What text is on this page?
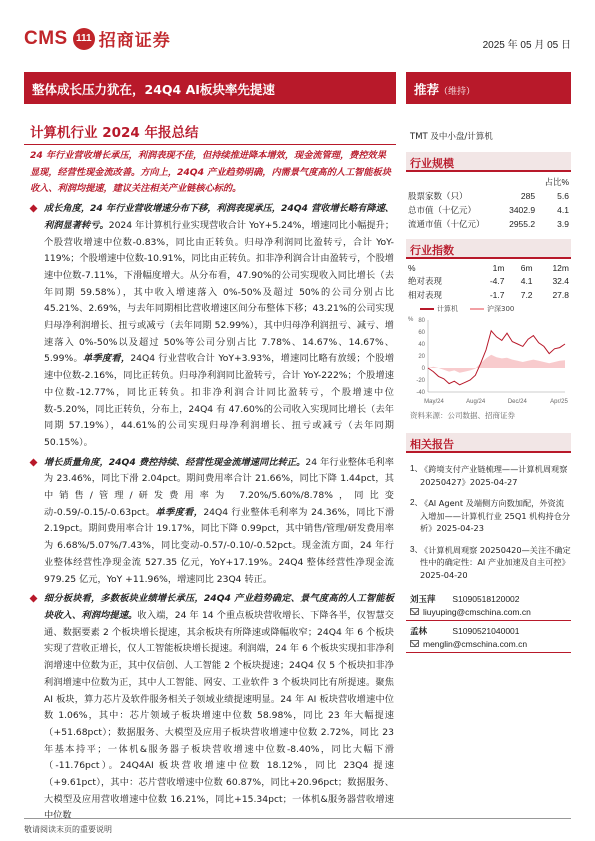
CMS 111 招商证券	2025 年 05 月 05 日
整体成长压力犹在，24Q4 AI板块率先提速	推荐（维持）
计算机行业 2024 年报总结
24 年行业营收增长承压，利润表现不佳，但持续推进降本增效，现金流管理，费控效果显现，经营性现金流改善。方向上，24Q4 产业趋势明确，内需景气度高的人工智能板块收入、利润均提速，建议关注相关产业链核心标的。
成长角度，24 年行业营收增速分布下移，利润表现承压，24Q4 营收增长略有降速、利润显著转亏。2024 年计算机行业实现营收合计 YoY+5.24%，增速同比小幅提升；个股营收增速中位数-0.83%，同比由正转负。归母净利润同比盈转亏，合计 YoY-119%；个股增速中位数-10.91%，同比由正转负。扣非净利润合计由盈转亏，个股增速中位数-7.11%，下滑幅度增大。从分布看，47.90%的公司实现收入同比增长（去年同期 59.58%），其中收入增速落入 0%-50%及超过 50%的公司分别占比 45.21%、2.69%，与去年同期相比营收增速区间分布整体下移；43.21%的公司实现归母净利润增长、扭亏或减亏（去年同期 52.99%），其中归母净利润扭亏、减亏、增速落入 0%-50%以及超过 50%等公司分别占比 7.78%、14.67%、14.67%、5.99%。单季度看，24Q4 行业营收合计 YoY+3.93%，增速同比略有放缓；个股增速中位数-2.16%，同比正转负。归母净利润同比盈转亏，合计 YoY-222%；个股增速中位数-12.77%，同比正转负。扣非净利润合计同比盈转亏，个股增速中位数-5.20%，同比正转负，分布上，24Q4 有 47.60%的公司收入实现同比增长（去年同期 57.19%），44.61%的公司实现归母净利润增长、扭亏或减亏（去年同期 50.15%）。
增长质量角度，24Q4 费控持续、经营性现金流增速同比转正。24 年行业整体毛利率为 23.46%，同比下滑 2.04pct。期间费用率合计 21.66%，同比下降 1.44pct，其中销售/管理/研发费用率为 7.20%/5.60%/8.78%，同比变动-0.59/-0.15/-0.63pct。单季度看，24Q4 行业整体毛利率为 24.36%，同比下滑 2.19pct。期间费用率合计 19.17%，同比下降 0.99pct，其中销售/管理/研发费用率为 6.68%/5.07%/7.43%，同比变动-0.57/-0.10/-0.52pct。现金流方面，24 年行业整体经营性净现金流 527.35 亿元，YoY+17.19%。24Q4 整体经营性净现金流 979.25 亿元，YoY +11.96%，增速同比 23Q4 转正。
细分板块看，多数板块业绩增长承压，24Q4 产业趋势确定、景气度高的人工智能板块收入、利润均提速。收入端，24 年 14 个重点板块营收增长、下降各半，仅智慧交通、数据要素 2 个板块增长提速，其余板块有所降速或降幅收窄；24Q4 年 6 个板块实现了营收正增长，仅人工智能板块增长提速。利润端，24 年 6 个板块实现扣非净利润增速中位数为正，其中仅信创、人工智能 2 个板块提速；24Q4 仅 5 个板块扣非净利润增速中位数为正，其中人工智能、网安、工业软件 3 个板块同比有所提速。聚焦 AI 板块，算力芯片及软件服务相关子领域业绩提速明显。24 年 AI 板块营收增速中位数 1.06%，其中：芯片领域子板块增速中位数 58.98%，同比 23 年大幅提速（+51.68pct）；数据服务、大模型及应用子板块营收增速中位数 2.72%，同比 23 年基本持平；一体机&服务器子板块营收增速中位数-8.40%，同比大幅下滑（-11.76pct）。24Q4AI 板块营收增速中位数 18.12%，同比 23Q4 提速（+9.61pct），其中：芯片营收增速中位数 60.87%，同比+20.96pct；数据服务、大模型及应用营收增速中位数 16.21%，同比+15.34pct；一体机&服务器营收增速中位数
TMT 及中小盘/计算机
行业规模
		占比%
股票家数（只）	285	5.6
总市值（十亿元）	3402.9	4.1
流通市值（十亿元）	2955.2	3.9
行业指数
%	1m	6m	12m
绝对表现	-4.7	4.1	32.4
相对表现	-1.7	7.2	27.8
计算机	沪深300
% 80
60
40
20
0
-20
-40
May/24	Aug/24	Dec/24	Apr/25
资料来源：公司数据、招商证券
相关报告
1、
《跨境支付产业链梳理——计算机周观察 20250427》2025-04-27
2、
《AI Agent 及端侧方向数加配，外资流入增加——计算机行业 25Q1 机构持仓分析》2025-04-23
3、
《计算机周观察 20250420—关注不确定性中的确定性：AI 产业加速及自主可控》2025-04-20
刘玉萍 S1090518120002
liuyuping@cmschina.com.cn
孟林	S1090521040001
menglin@cmschina.com.cn
敬请阅读末页的重要说明
